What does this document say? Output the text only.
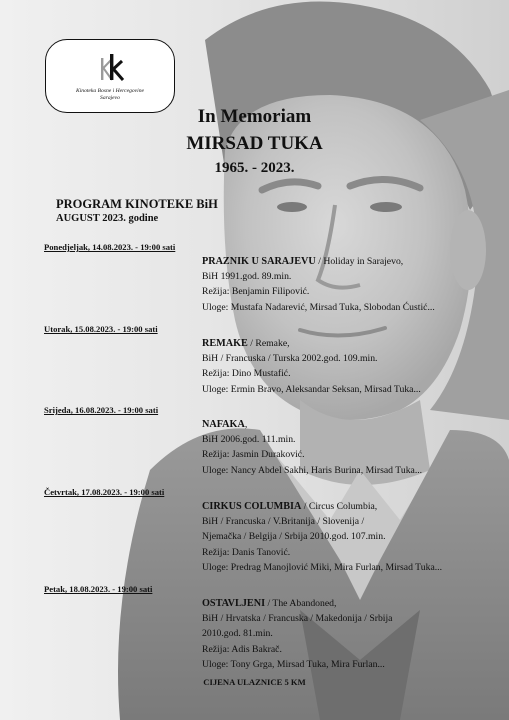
Kinoteka Bosne i Hercegovine
Sarajevo
In Memoriam
MIRSAD TUKA
1965. - 2023.
PROGRAM KINOTEKE BiH
AUGUST 2023. godine
Ponedjeljak, 14.08.2023. - 19:00 sati
PRAZNIK U SARAJEVU / Holiday in Sarajevo,
BiH 1991.god. 89.min.
Režija: Benjamin Filipović.
Uloge: Mustafa Nadarević, Mirsad Tuka, Slobodan Ćustić...
Utorak, 15.08.2023. - 19:00 sati
REMAKE / Remake,
BiH / Francuska / Turska 2002.god. 109.min.
Režija: Dino Mustafić.
Uloge: Ermin Bravo, Aleksandar Seksan, Mirsad Tuka...
Srijeda, 16.08.2023. - 19:00 sati
NAFAKA,
BiH 2006.god. 111.min.
Režija: Jasmin Duraković.
Uloge: Nancy Abdel Sakhi, Haris Burina, Mirsad Tuka...
Četvrtak, 17.08.2023. - 19:00 sati
CIRKUS COLUMBIA / Circus Columbia,
BiH / Francuska / V.Britanija / Slovenija /
Njemačka / Belgija / Srbija 2010.god. 107.min.
Režija: Danis Tanović.
Uloge: Predrag Manojlović Miki, Mira Furlan, Mirsad Tuka...
Petak, 18.08.2023. - 19:00 sati
OSTAVLJENI / The Abandoned,
BiH / Hrvatska / Francuska / Makedonija / Srbija
2010.god. 81.min.
Režija: Adis Bakrač.
Uloge: Tony Grga, Mirsad Tuka, Mira Furlan...
CIJENA ULAZNICE 5 KM
